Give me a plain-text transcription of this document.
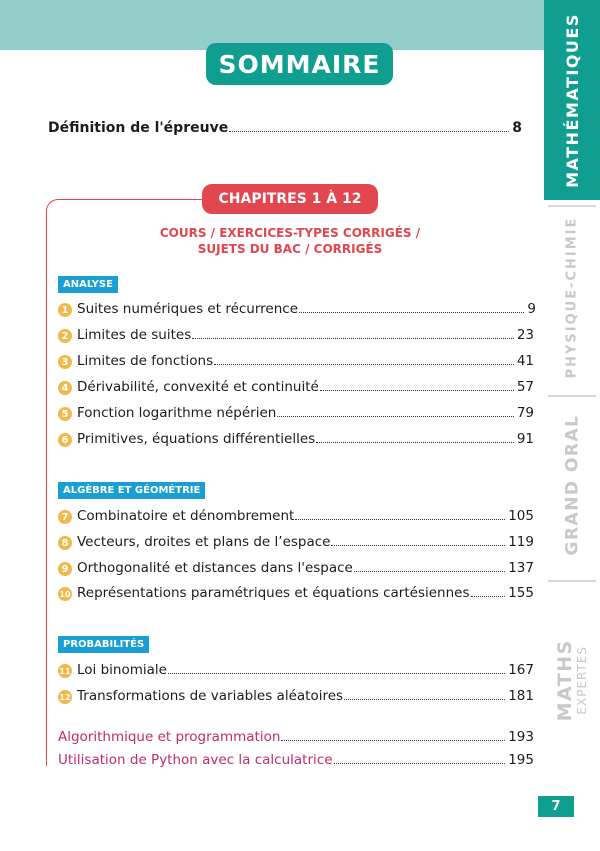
SOMMAIRE
Définition de l'épreuve	8
CHAPITRES 1 À 12
COURS / EXERCICES-TYPES CORRIGÉS /
SUJETS DU BAC / CORRIGÉS
ANALYSE
1 Suites numériques et récurrence	9
2 Limites de suites	23
3 Limites de fonctions	41
4 Dérivabilité, convexité et continuité	57
5 Fonction logarithme népérien	79
6 Primitives, équations différentielles	91
ALGÈBRE ET GÉOMÉTRIE
7 Combinatoire et dénombrement	105
8 Vecteurs, droites et plans de l’espace	119
9 Orthogonalité et distances dans l'espace	137
10 Représentations paramétriques et équations cartésiennes	155
PROBABILITÉS
11 Loi binomiale	167
12 Transformations de variables aléatoires	181
Algorithmique et programmation	193
Utilisation de Python avec la calculatrice	195
MATHÉMATIQUES
PHYSIQUE-CHIMIE
GRAND ORAL
MATHS
EXPERTES
7
